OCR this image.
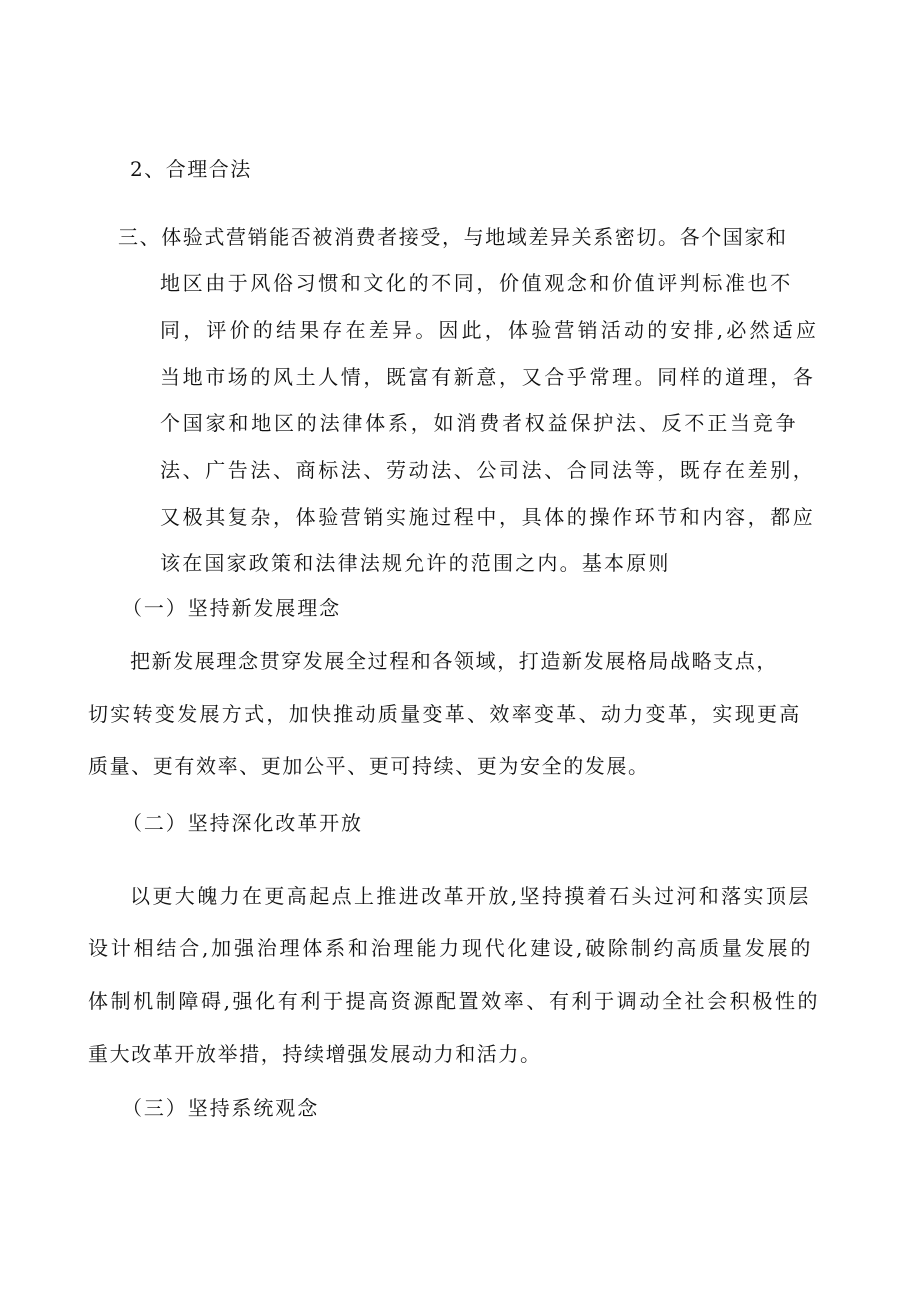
2、合理合法

三、体验式营销能否被消费者接受，与地域差异关系密切。各个国家和

地区由于风俗习惯和文化的不同，价值观念和价值评判标准也不

同，评价的结果存在差异。因此，体验营销活动的安排,必然适应

当地市场的风土人情，既富有新意，又合乎常理。同样的道理，各

个国家和地区的法律体系，如消费者权益保护法、反不正当竞争

法、广告法、商标法、劳动法、公司法、合同法等，既存在差别，

又极其复杂，体验营销实施过程中，具体的操作环节和内容，都应

该在国家政策和法律法规允许的范围之内。基本原则

（一）坚持新发展理念

把新发展理念贯穿发展全过程和各领域，打造新发展格局战略支点，

切实转变发展方式，加快推动质量变革、效率变革、动力变革，实现更高

质量、更有效率、更加公平、更可持续、更为安全的发展。

（二）坚持深化改革开放

以更大魄力在更高起点上推进改革开放,坚持摸着石头过河和落实顶层

设计相结合,加强治理体系和治理能力现代化建设,破除制约高质量发展的

体制机制障碍,强化有利于提高资源配置效率、有利于调动全社会积极性的

重大改革开放举措，持续增强发展动力和活力。

（三）坚持系统观念
